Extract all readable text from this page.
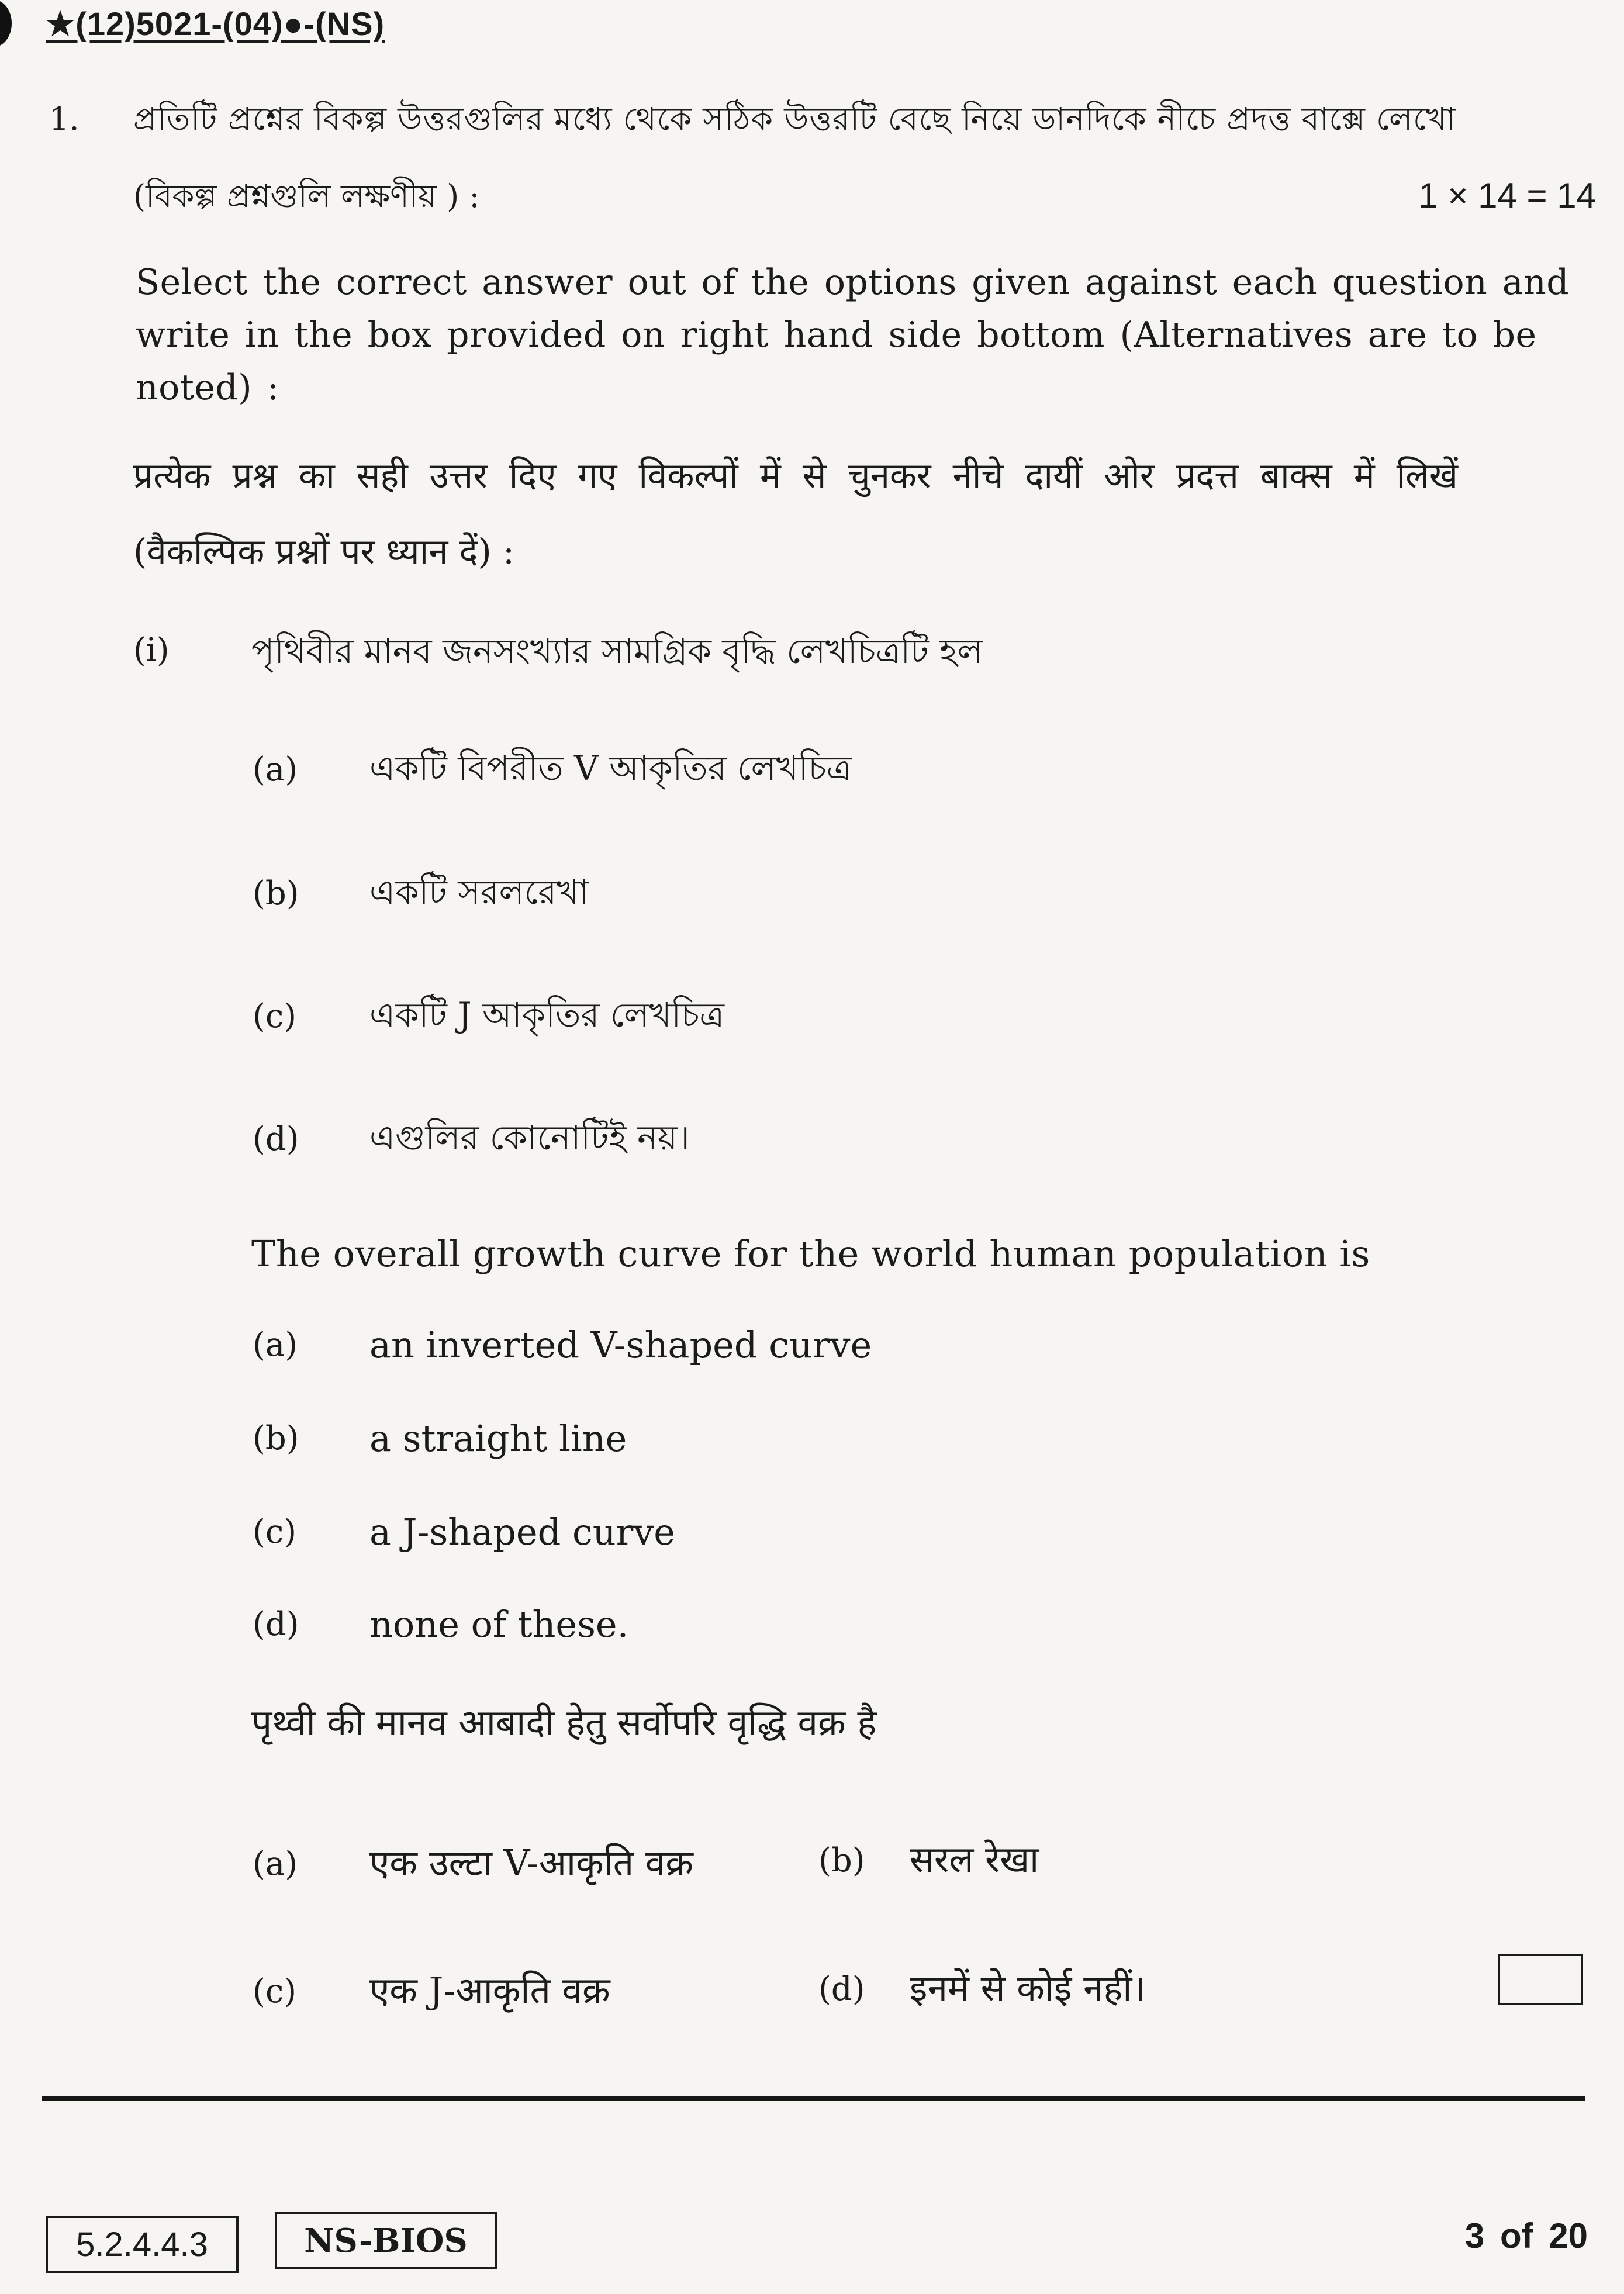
★(12)5021-(04)●-(NS)
1. প্রতিটি প্রশ্নের বিকল্প উত্তরগুলির মধ্যে থেকে সঠিক উত্তরটি বেছে নিয়ে ডানদিকে নীচে প্রদত্ত বাক্সে লেখো
(বিকল্প প্রশ্নগুলি লক্ষণীয় ) :	1 × 14 = 14
Select the correct answer out of the options given against each question and write in the box provided on right hand side bottom (Alternatives are to be noted) :
प्रत्येक प्रश्न का सही उत्तर दिए गए विकल्पों में से चुनकर नीचे दायीं ओर प्रदत्त बाक्स में लिखें
(वैकल्पिक प्रश्नों पर ध्यान दें) :
(i) পৃথিবীর মানব জনসংখ্যার সামগ্রিক বৃদ্ধি লেখচিত্রটি হল
(a) একটি বিপরীত V আকৃতির লেখচিত্র
(b) একটি সরলরেখা
(c) একটি J আকৃতির লেখচিত্র
(d) এগুলির কোনোটিই নয়।
The overall growth curve for the world human population is
(a) an inverted V-shaped curve
(b) a straight line
(c) a J-shaped curve
(d) none of these.
पृथ्वी की मानव आबादी हेतु सर्वोपरि वृद्धि वक्र है
(a) एक उल्टा V-आकृति वक्र	(b) सरल रेखा
(c) एक J-आकृति वक्र	(d) इनमें से कोई नहीं।
5.2.4.4.3	NS-BIOS	3 of 20
